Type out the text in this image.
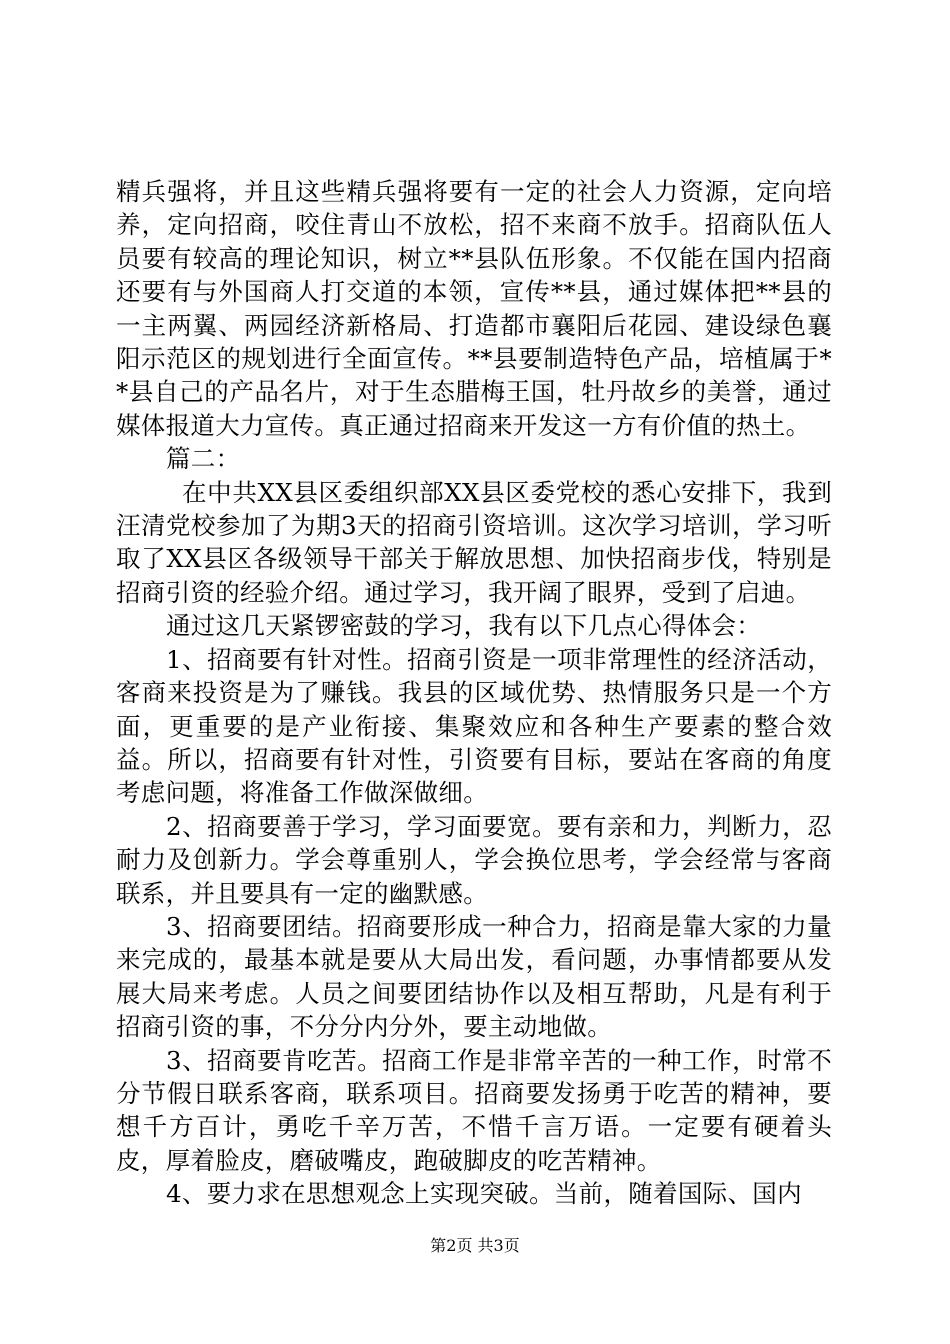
精兵强将，并且这些精兵强将要有一定的社会人力资源，定向培养，定向招商，咬住青山不放松，招不来商不放手。招商队伍人员要有较高的理论知识，树立**县队伍形象。不仅能在国内招商还要有与外国商人打交道的本领，宣传**县，通过媒体把**县的一主两翼、两园经济新格局、打造都市襄阳后花园、建设绿色襄阳示范区的规划进行全面宣传。**县要制造特色产品，培植属于**县自己的产品名片，对于生态腊梅王国，牡丹故乡的美誉，通过媒体报道大力宣传。真正通过招商来开发这一方有价值的热土。

篇二：

在中共XX县区委组织部XX县区委党校的悉心安排下，我到汪清党校参加了为期3天的招商引资培训。这次学习培训，学习听取了XX县区各级领导干部关于解放思想、加快招商步伐，特别是招商引资的经验介绍。通过学习，我开阔了眼界，受到了启迪。

通过这几天紧锣密鼓的学习，我有以下几点心得体会：

1、招商要有针对性。招商引资是一项非常理性的经济活动，客商来投资是为了赚钱。我县的区域优势、热情服务只是一个方面，更重要的是产业衔接、集聚效应和各种生产要素的整合效益。所以，招商要有针对性，引资要有目标，要站在客商的角度考虑问题，将准备工作做深做细。

2、招商要善于学习，学习面要宽。要有亲和力，判断力，忍耐力及创新力。学会尊重别人，学会换位思考，学会经常与客商联系，并且要具有一定的幽默感。

3、招商要团结。招商要形成一种合力，招商是靠大家的力量来完成的，最基本就是要从大局出发，看问题，办事情都要从发展大局来考虑。人员之间要团结协作以及相互帮助，凡是有利于招商引资的事，不分分内分外，要主动地做。

3、招商要肯吃苦。招商工作是非常辛苦的一种工作，时常不分节假日联系客商，联系项目。招商要发扬勇于吃苦的精神，要想千方百计，勇吃千辛万苦，不惜千言万语。一定要有硬着头皮，厚着脸皮，磨破嘴皮，跑破脚皮的吃苦精神。

4、要力求在思想观念上实现突破。当前，随着国际、国内

第2页 共3页
